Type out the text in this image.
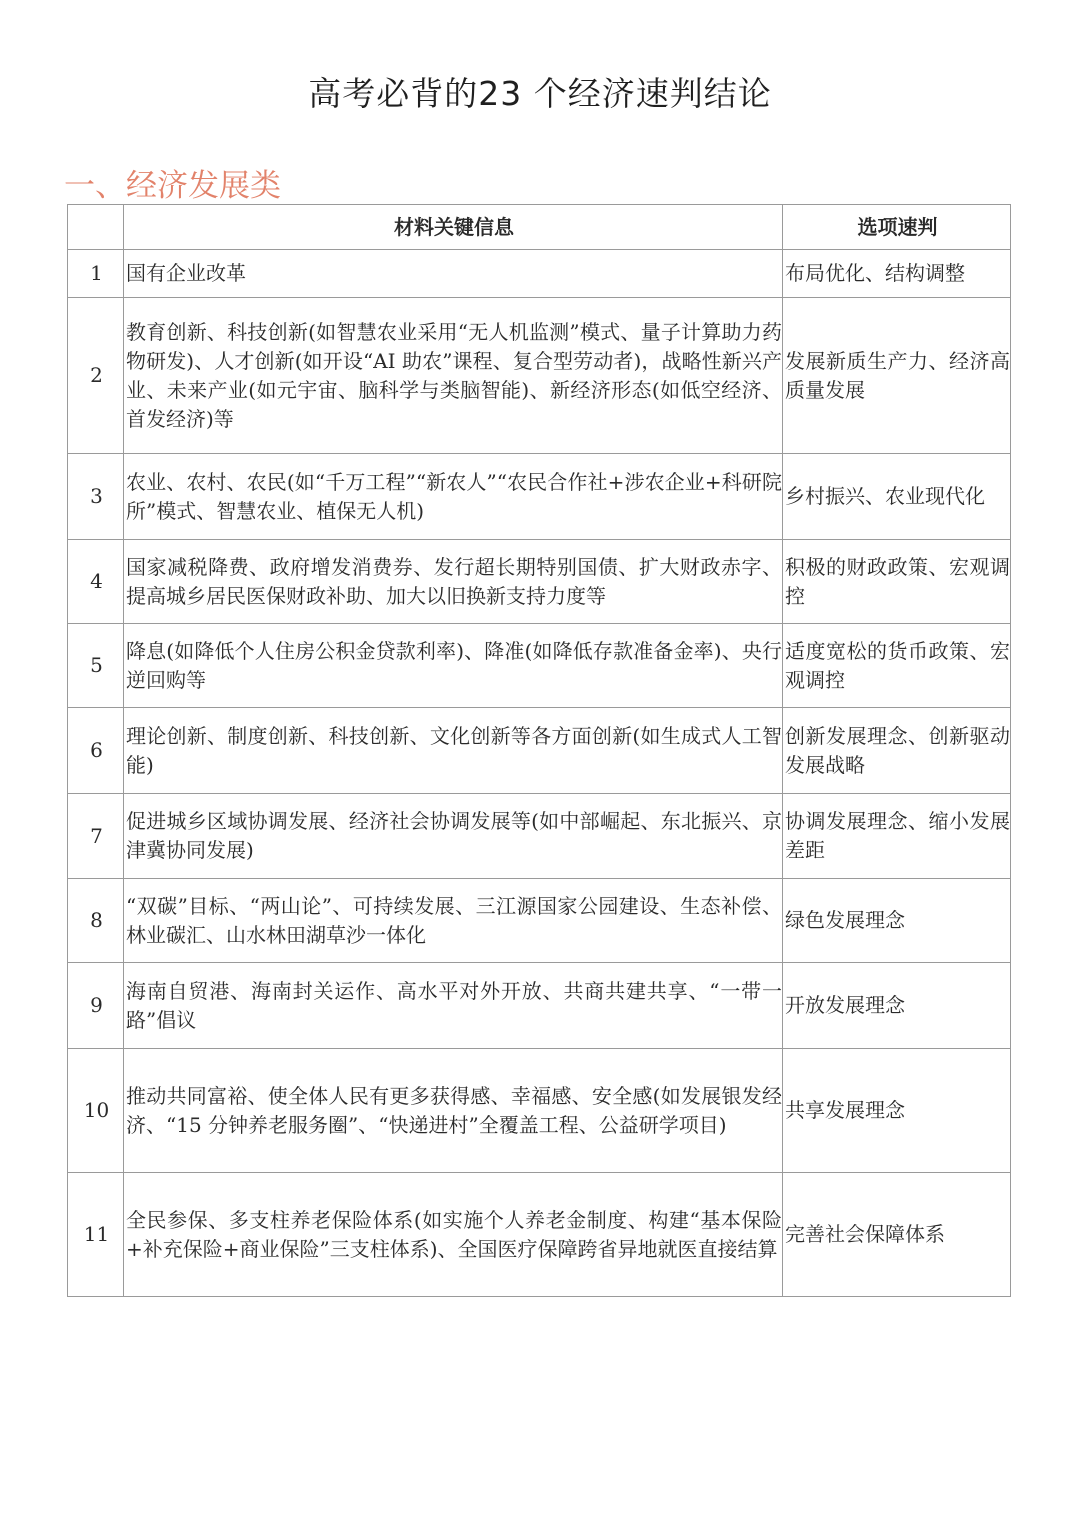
高考必背的23 个经济速判结论
一、经济发展类
	材料关键信息	选项速判
1	国有企业改革	布局优化、结构调整
2	教育创新、科技创新(如智慧农业采用“无人机监测”模式、量子计算助力药物研发)、人才创新(如开设“AI 助农”课程、复合型劳动者)，战略性新兴产业、未来产业(如元宇宙、脑科学与类脑智能)、新经济形态(如低空经济、首发经济)等	发展新质生产力、经济高质量发展
3	农业、农村、农民(如“千万工程”“新农人”“农民合作社+涉农企业+科研院所”模式、智慧农业、植保无人机)	乡村振兴、农业现代化
4	国家减税降费、政府增发消费券、发行超长期特别国债、扩大财政赤字、提高城乡居民医保财政补助、加大以旧换新支持力度等	积极的财政政策、宏观调控
5	降息(如降低个人住房公积金贷款利率)、降准(如降低存款准备金率)、央行逆回购等	适度宽松的货币政策、宏观调控
6	理论创新、制度创新、科技创新、文化创新等各方面创新(如生成式人工智能)	创新发展理念、创新驱动发展战略
7	促进城乡区域协调发展、经济社会协调发展等(如中部崛起、东北振兴、京津冀协同发展)	协调发展理念、缩小发展差距
8	“双碳”目标、“两山论”、可持续发展、三江源国家公园建设、生态补偿、林业碳汇、山水林田湖草沙一体化	绿色发展理念
9	海南自贸港、海南封关运作、高水平对外开放、共商共建共享、“一带一路”倡议	开放发展理念
10	推动共同富裕、使全体人民有更多获得感、幸福感、安全感(如发展银发经济、“15 分钟养老服务圈”、“快递进村”全覆盖工程、公益研学项目)	共享发展理念
11	全民参保、多支柱养老保险体系(如实施个人养老金制度、构建“基本保险+补充保险+商业保险”三支柱体系)、全国医疗保障跨省异地就医直接结算	完善社会保障体系
